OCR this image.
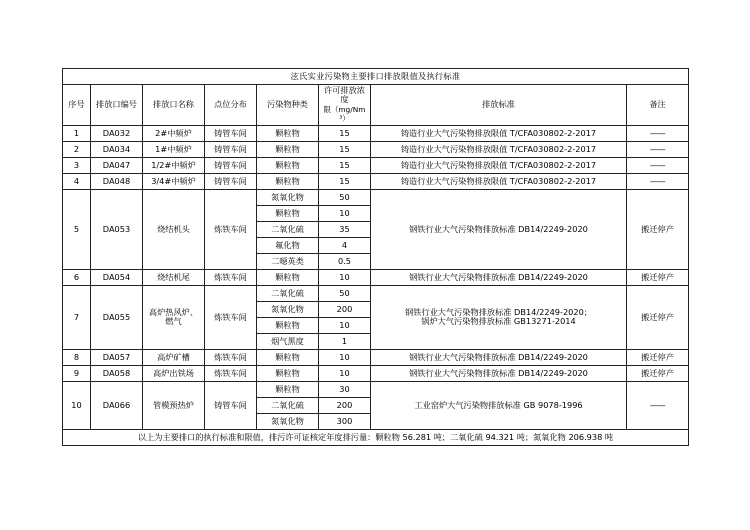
泫氏实业污染物主要排口排放限值及执行标准							
序号	排放口编号	排放口名称	点位分布	污染物种类	许可排放浓度
限（mg/Nm³）	排放标准	备注
1	DA032	2#中频炉	铸管车间	颗粒物	15	铸造行业大气污染物排放限值 T/CFA030802-2-2017	——
2	DA034	1#中频炉	铸管车间	颗粒物	15	铸造行业大气污染物排放限值 T/CFA030802-2-2017	——
3	DA047	1/2#中频炉	铸管车间	颗粒物	15	铸造行业大气污染物排放限值 T/CFA030802-2-2017	——
4	DA048	3/4#中频炉	铸管车间	颗粒物	15	铸造行业大气污染物排放限值 T/CFA030802-2-2017	——
5	DA053	烧结机头	炼铁车间	氮氧化物	50	钢铁行业大气污染物排放标准 DB14/2249-2020	搬迁停产
				颗粒物	10		
				二氧化硫	35		
				氟化物	4		
				二噁英类	0.5		
6	DA054	烧结机尾	炼铁车间	颗粒物	10	钢铁行业大气污染物排放标准 DB14/2249-2020	搬迁停产
7	DA055	高炉热风炉、燃气	炼铁车间	二氧化硫	50	钢铁行业大气污染物排放标准 DB14/2249-2020；
锅炉大气污染物排放标准 GB13271-2014	搬迁停产
				氮氧化物	200		
				颗粒物	10		
				烟气黑度	1		
8	DA057	高炉矿槽	炼铁车间	颗粒物	10	钢铁行业大气污染物排放标准 DB14/2249-2020	搬迁停产
9	DA058	高炉出铁场	炼铁车间	颗粒物	10	钢铁行业大气污染物排放标准 DB14/2249-2020	搬迁停产
10	DA066	管模预热炉	铸管车间	颗粒物	30	工业窑炉大气污染物排放标准 GB 9078-1996	——
				二氧化硫	200		
				氮氧化物	300		
以上为主要排口的执行标准和限值，排污许可证核定年度排污量：颗粒物 56.281 吨；二氧化硫 94.321 吨；氮氧化物 206.938 吨							
